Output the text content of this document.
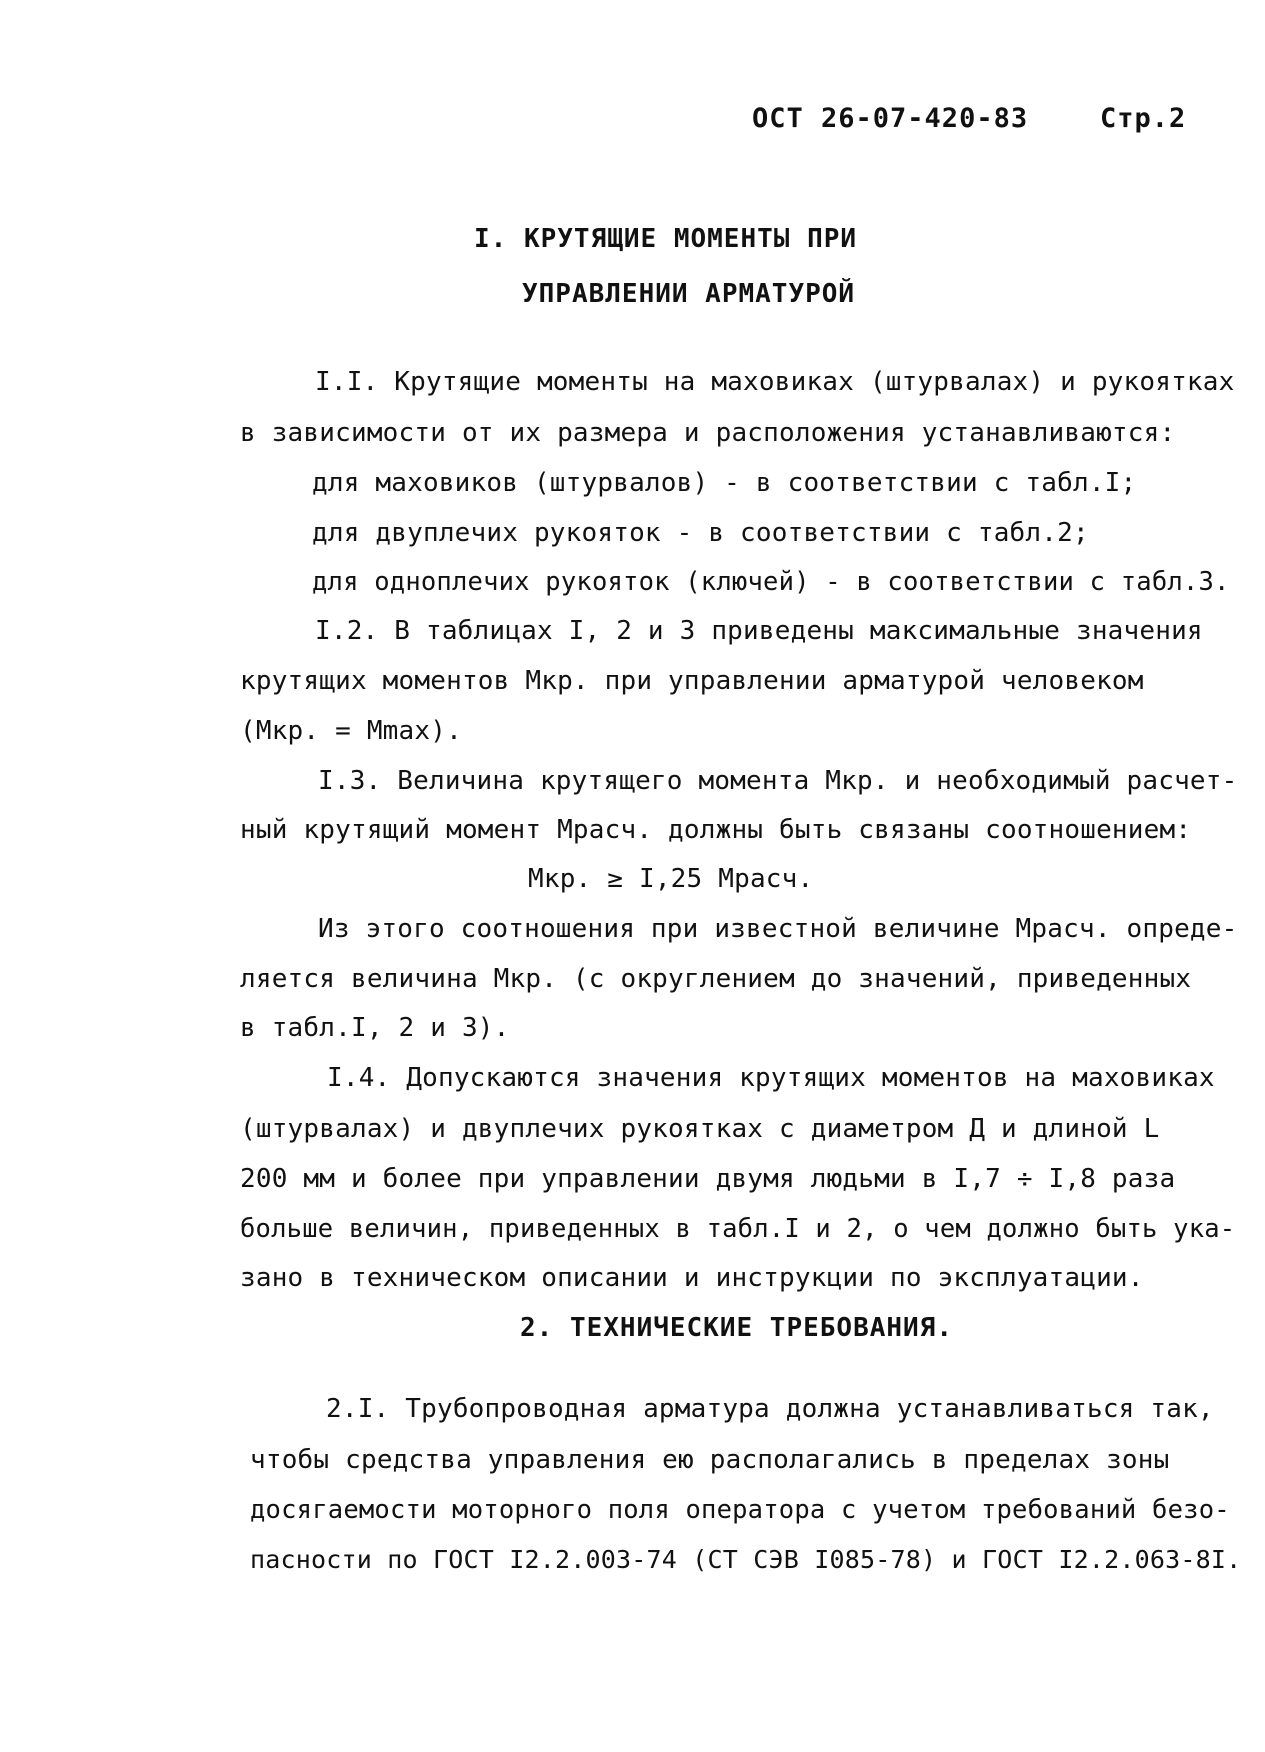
ОСТ 26-07-420-83	Стр.2
I. КРУТЯЩИЕ МОМЕНТЫ ПРИ
УПРАВЛЕНИИ АРМАТУРОЙ
I.I. Крутящие моменты на маховиках (штурвалах) и рукоятках
в зависимости от их размера и расположения устанавливаются:
для маховиков (штурвалов) - в соответствии с табл.I;
для двуплечих рукояток - в соответствии с табл.2;
для одноплечих рукояток (ключей) - в соответствии с табл.3.
I.2. В таблицах I, 2 и 3 приведены максимальные значения
крутящих моментов Мкр. при управлении арматурой человеком
(Мкр. = Мmax).
I.3. Величина крутящего момента Мкр. и необходимый расчет-
ный крутящий момент Мрасч. должны быть связаны соотношением:
Мкр. ≥ I,25 Мрасч.
Из этого соотношения при известной величине Мрасч. опреде-
ляется величина Мкр. (с округлением до значений, приведенных
в табл.I, 2 и 3).
I.4. Допускаются значения крутящих моментов на маховиках
(штурвалах) и двуплечих рукоятках с диаметром Д и длиной L
200 мм и более при управлении двумя людьми в I,7 ÷ I,8 раза
больше величин, приведенных в табл.I и 2, о чем должно быть ука-
зано в техническом описании и инструкции по эксплуатации.
2. ТЕХНИЧЕСКИЕ ТРЕБОВАНИЯ.
2.I. Трубопроводная арматура должна устанавливаться так,
чтобы средства управления ею располагались в пределах зоны
досягаемости моторного поля оператора с учетом требований безо-
пасности по ГОСТ I2.2.003-74 (СТ СЭВ I085-78) и ГОСТ I2.2.063-8I.
